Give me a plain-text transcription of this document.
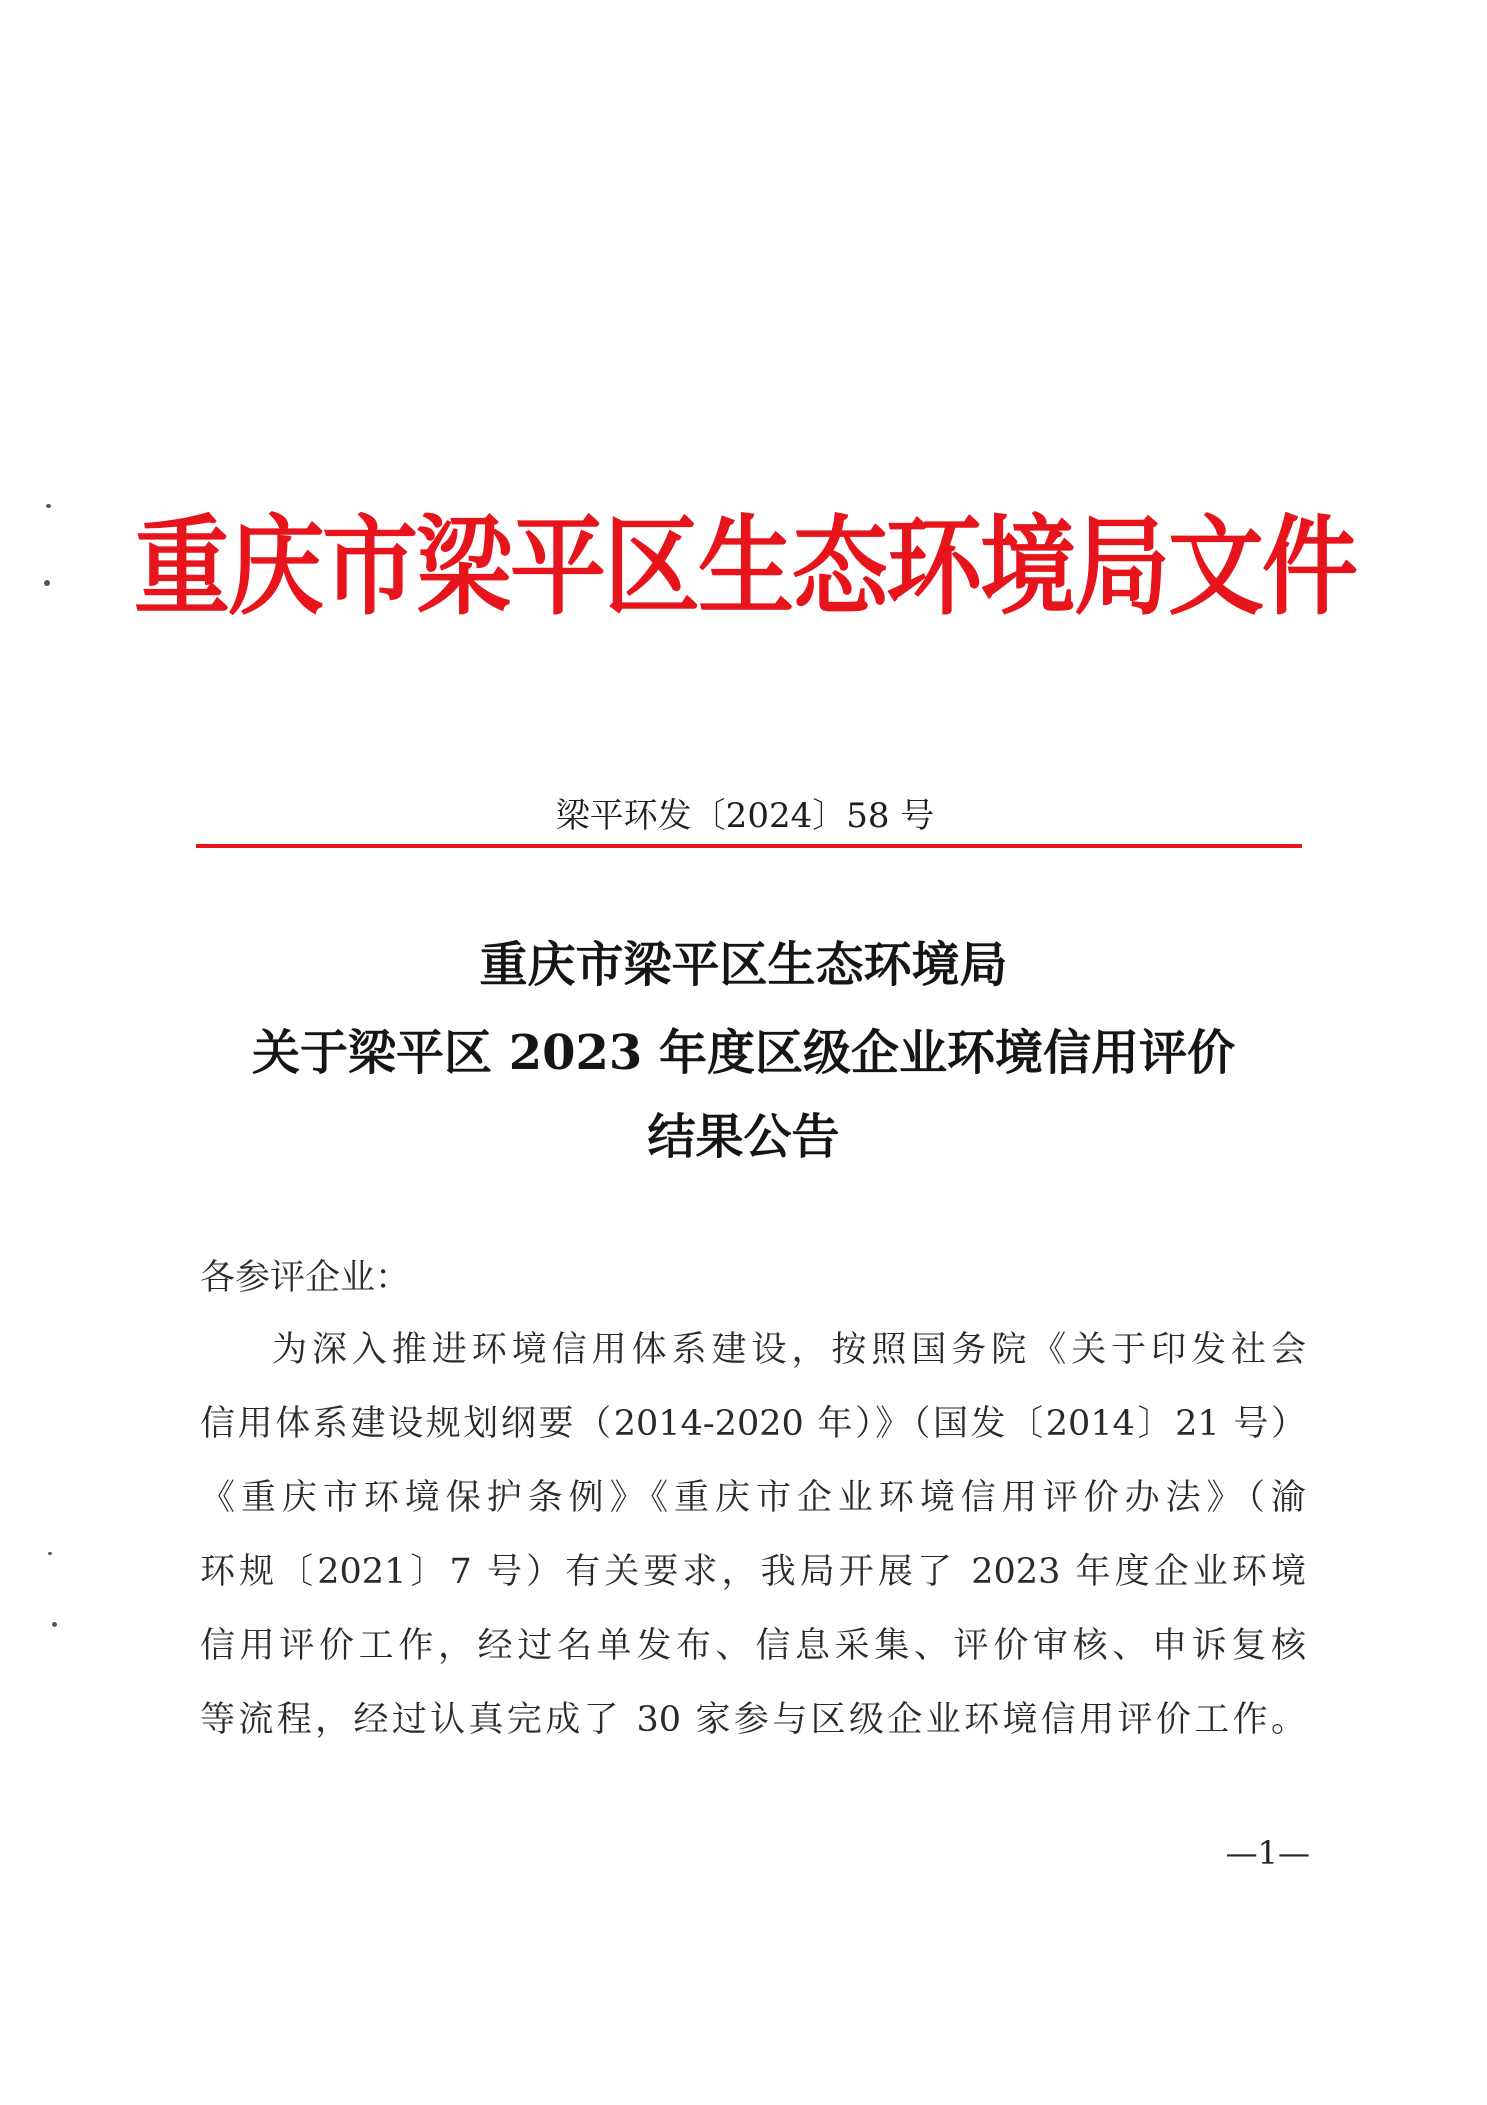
重庆市梁平区生态环境局文件
梁平环发〔2024〕58 号
重庆市梁平区生态环境局
关于梁平区 2023 年度区级企业环境信用评价
结果公告
各参评企业：
为深入推进环境信用体系建设，按照国务院《关于印发社会
信用体系建设规划纲要（2014-2020 年）》（国发〔2014〕21 号）
《重庆市环境保护条例》《重庆市企业环境信用评价办法》（渝
环规〔2021〕7 号）有关要求，我局开展了 2023 年度企业环境
信用评价工作，经过名单发布、信息采集、评价审核、申诉复核
等流程，经过认真完成了 30 家参与区级企业环境信用评价工作。
—1—
